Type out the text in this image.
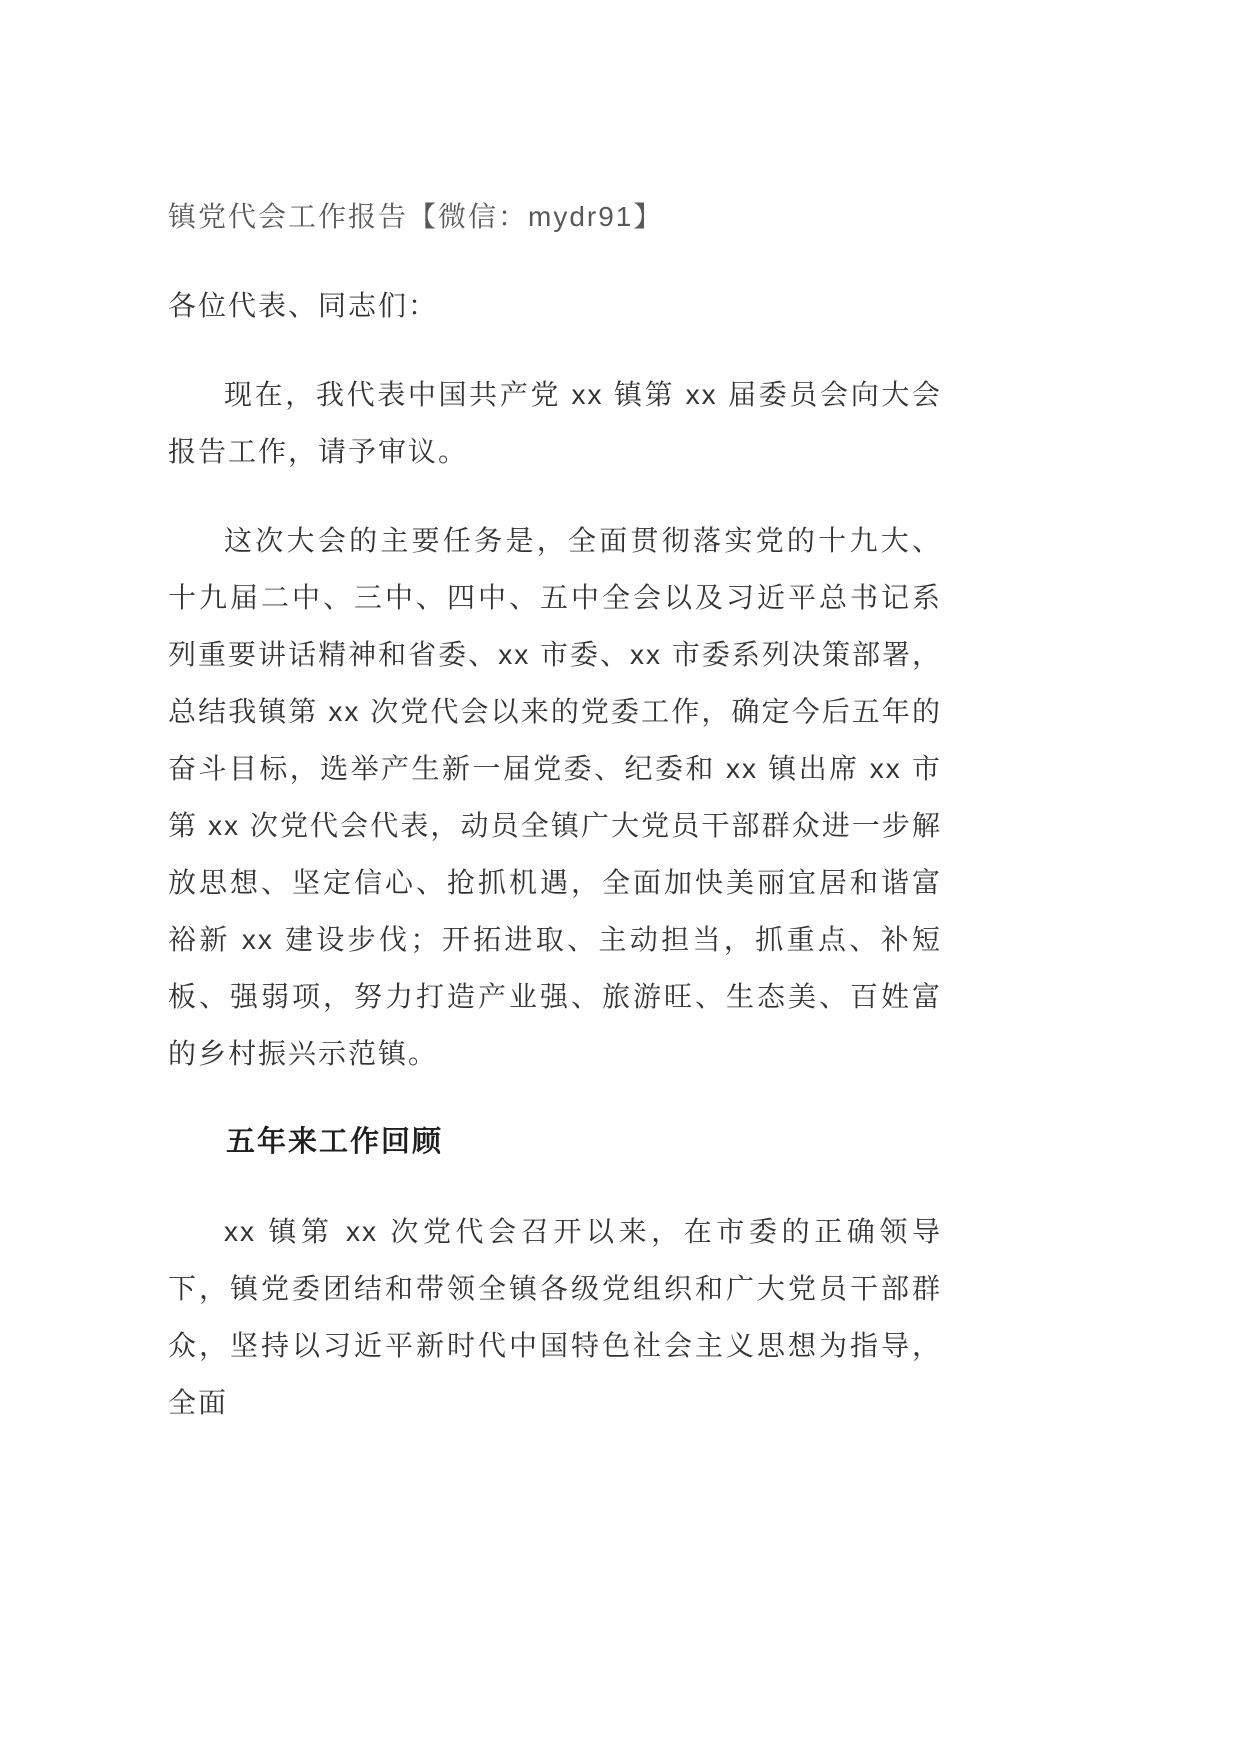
镇党代会工作报告【微信：mydr91】

各位代表、同志们：

现在，我代表中国共产党 xx 镇第 xx 届委员会向大会报告工作，请予审议。

这次大会的主要任务是，全面贯彻落实党的十九大、十九届二中、三中、四中、五中全会以及习近平总书记系列重要讲话精神和省委、xx 市委、xx 市委系列决策部署，总结我镇第 xx 次党代会以来的党委工作，确定今后五年的奋斗目标，选举产生新一届党委、纪委和 xx 镇出席 xx 市第 xx 次党代会代表，动员全镇广大党员干部群众进一步解放思想、坚定信心、抢抓机遇，全面加快美丽宜居和谐富裕新 xx 建设步伐；开拓进取、主动担当，抓重点、补短板、强弱项，努力打造产业强、旅游旺、生态美、百姓富的乡村振兴示范镇。

五年来工作回顾

xx 镇第 xx 次党代会召开以来，在市委的正确领导下，镇党委团结和带领全镇各级党组织和广大党员干部群众，坚持以习近平新时代中国特色社会主义思想为指导，全面
